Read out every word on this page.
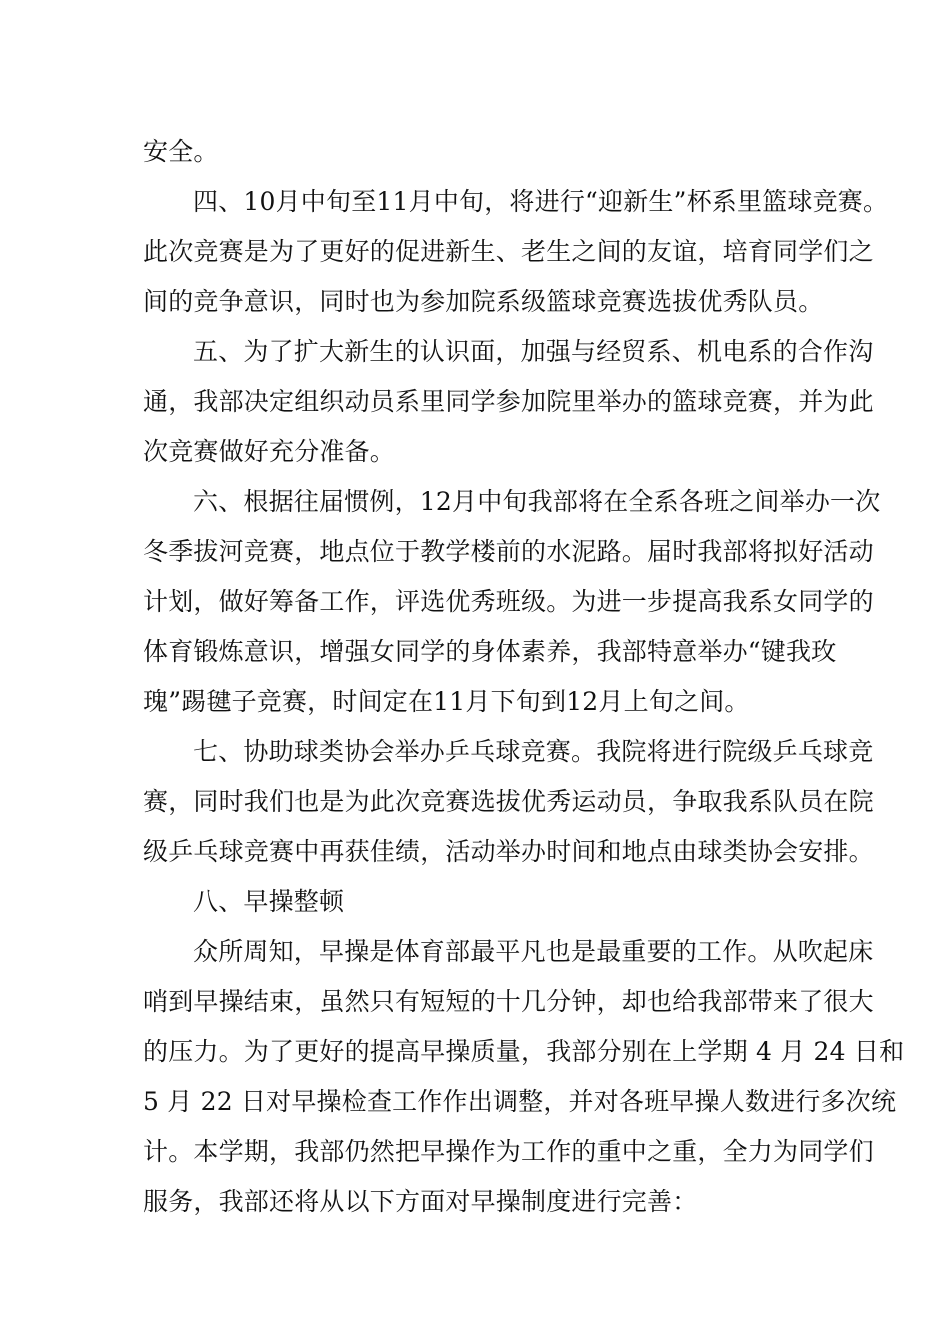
安全。
四、10月中旬至11月中旬，将进行“迎新生”杯系里篮球竞赛。
此次竞赛是为了更好的促进新生、老生之间的友谊，培育同学们之
间的竞争意识，同时也为参加院系级篮球竞赛选拔优秀队员。
五、为了扩大新生的认识面，加强与经贸系、机电系的合作沟
通，我部决定组织动员系里同学参加院里举办的篮球竞赛，并为此
次竞赛做好充分准备。
六、根据往届惯例，12月中旬我部将在全系各班之间举办一次
冬季拔河竞赛，地点位于教学楼前的水泥路。届时我部将拟好活动
计划，做好筹备工作，评选优秀班级。为进一步提高我系女同学的
体育锻炼意识，增强女同学的身体素养，我部特意举办“键我玫
瑰”踢毽子竞赛，时间定在11月下旬到12月上旬之间。
七、协助球类协会举办乒乓球竞赛。我院将进行院级乒乓球竞
赛，同时我们也是为此次竞赛选拔优秀运动员，争取我系队员在院
级乒乓球竞赛中再获佳绩，活动举办时间和地点由球类协会安排。
八、早操整顿
众所周知，早操是体育部最平凡也是最重要的工作。从吹起床
哨到早操结束，虽然只有短短的十几分钟，却也给我部带来了很大
的压力。为了更好的提高早操质量，我部分别在上学期 4 月 24 日和
5 月 22 日对早操检查工作作出调整，并对各班早操人数进行多次统
计。本学期，我部仍然把早操作为工作的重中之重，全力为同学们
服务，我部还将从以下方面对早操制度进行完善：
